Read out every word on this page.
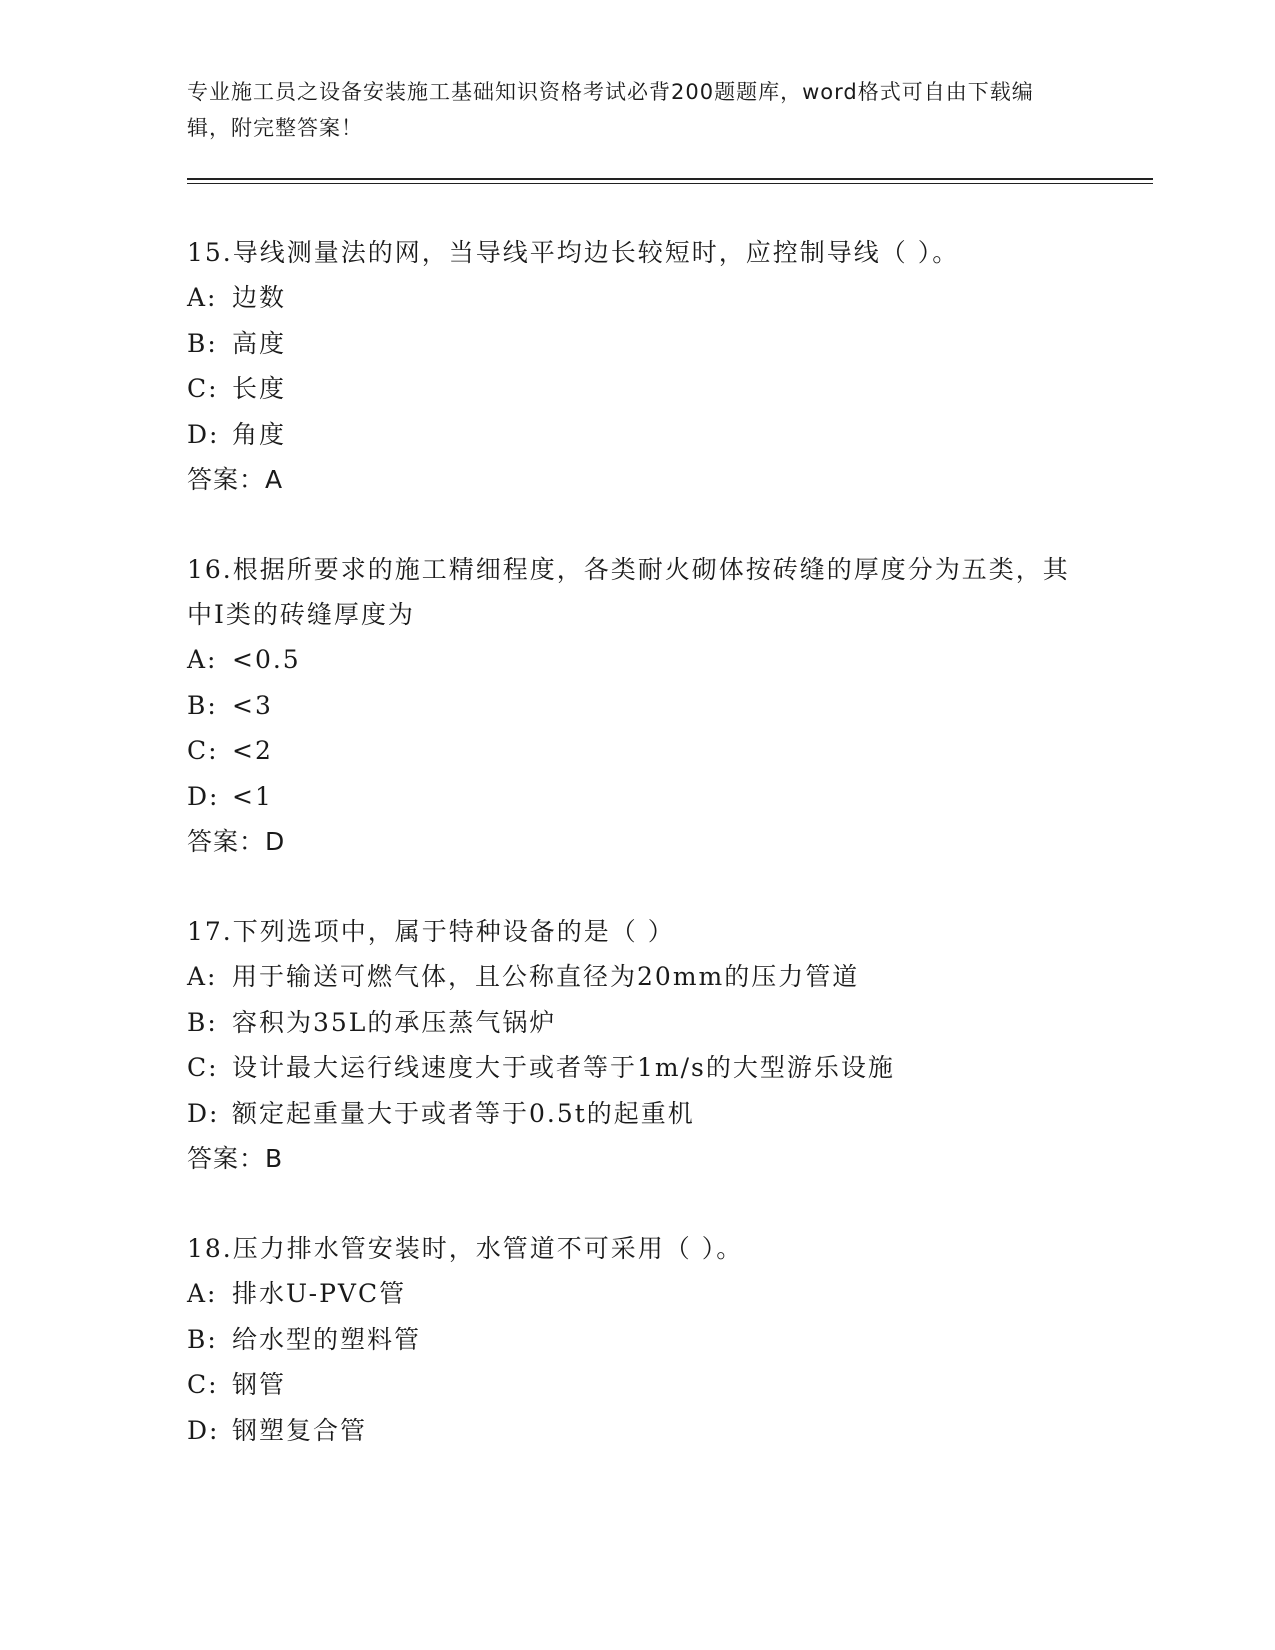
专业施工员之设备安装施工基础知识资格考试必背200题题库，word格式可自由下载编辑，附完整答案！
15.导线测量法的网，当导线平均边长较短时，应控制导线（ ）。
A: 边数
B: 高度
C: 长度
D: 角度
答案：A
16.根据所要求的施工精细程度，各类耐火砌体按砖缝的厚度分为五类，其中Ⅰ类的砖缝厚度为
A: <0.5
B: <3
C: <2
D: <1
答案：D
17.下列选项中，属于特种设备的是（ ）
A: 用于输送可燃气体，且公称直径为20mm的压力管道
B: 容积为35L的承压蒸气锅炉
C: 设计最大运行线速度大于或者等于1m/s的大型游乐设施
D: 额定起重量大于或者等于0.5t的起重机
答案：B
18.压力排水管安装时，水管道不可采用（ ）。
A: 排水U-PVC管
B: 给水型的塑料管
C: 钢管
D: 钢塑复合管
